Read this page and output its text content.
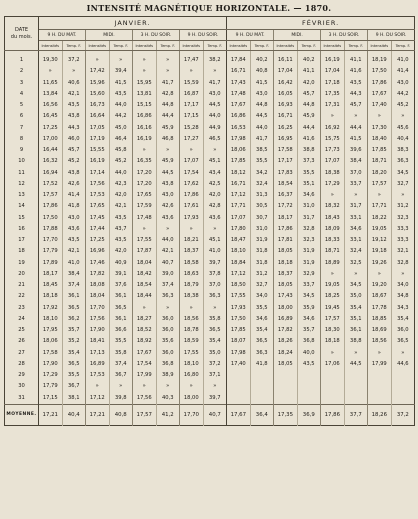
INTENSITÉ MAGNÉTIQUE HORIZONTALE. — 1870.
DATE
du mois.	JANVIER.								FÉVRIER.							
	9 H. DU MAT.		MIDI.		3 H. DU SOIR.		9 H. DU SOIR.		9 H. DU MAT.		MIDI.		3 H. DU SOIR.		9 H. DU SOIR.	
	Intensités	Temp. F.	Intensités	Temp. F.	Intensités	Temp. F.	Intensités	Temp. F.	Intensités	Temp. F.	Intensités	Temp. F.	Intensités	Temp. F.	Intensités	Temp. F.

1	19,30	37,2	»	»	»	»	17,47	38,2	17,84	40,2	16,11	40,2	16,19	41,1	18,19	41,0
2	»	»	17,42	39,4	»	»	»	»	16,71	40,8	17,04	41,1	17,04	41,6	17,50	41,4
3	11,65	40,6	15,96	41,5	15,95	41,7	15,59	41,7	17,43	41,5	16,42	42,0	17,18	43,5	17,86	43,0
4	13,84	42,1	15,60	43,5	13,81	42,8	16,87	43,0	17,48	43,0	16,05	45,7	17,35	44,3	17,67	44,2
5	16,56	43,5	16,73	44,0	15,15	44,8	17,17	44,5	17,67	44,8	16,93	44,8	17,31	45,7	17,40	45,2
6	16,45	43,8	16,64	44,2	16,86	44,4	17,15	44,0	16,86	44,5	16,71	45,9	»	»	»	»
7	17,25	44,3	17,05	45,0	16,16	45,9	15,28	44,9	16,53	44,0	16,25	44,4	16,92	44,4	17,30	45,6
8	17,00	46,0	17,19	46,4	16,19	46,8	17,27	46,5	17,98	41,7	16,95	41,6	15,75	41,5	18,40	40,4
9	16,44	45,7	15,55	45,8	»	»	»	»	18,06	38,5	17,58	38,8	17,73	39,6	17,85	38,3
10	16,32	45,2	16,19	45,2	16,35	45,9	17,07	45,1	17,85	35,5	17,17	37,3	17,07	38,4	18,71	36,3
11	16,94	43,8	17,14	44,0	17,20	44,5	17,54	43,4	18,12	34,2	17,83	35,5	18,38	37,0	18,20	34,5
12	17,52	42,6	17,56	42,3	17,20	43,8	17,62	42,5	16,71	32,4	18,54	35,1	17,29	33,7	17,57	32,7
13	17,57	41,4	17,53	42,0	17,65	43,0	17,86	42,0	17,12	31,3	16,37	34,6	»	»	»	»
14	17,86	41,8	17,65	42,1	17,59	42,6	17,61	42,8	17,71	30,5	17,72	31,0	18,32	31,7	17,71	31,2
15	17,50	43,0	17,45	43,5	17,48	43,6	17,93	43,6	17,07	30,7	18,17	31,7	18,43	33,1	18,22	32,3
16	17,88	43,6	17,44	43,7	»	»	»	»	17,80	31,0	17,86	32,8	18,09	34,6	19,05	33,3
17	17,70	43,5	17,25	43,5	17,55	44,0	18,21	45,1	18,47	31,9	17,81	32,3	18,33	33,1	19,12	33,3
18	17,79	42,1	16,96	42,0	17,87	42,1	18,37	41,0	18,10	31,8	18,05	31,9	18,71	32,4	19,18	32,1
19	17,89	41,0	17,46	40,9	18,04	40,7	18,58	39,7	18,84	31,8	18,18	31,9	18,89	32,5	19,26	32,8
20	18,17	38,4	17,82	39,1	18,42	39,0	18,63	37,8	17,12	31,2	18,37	32,9	»	»	»	»
21	18,45	37,4	18,08	37,6	18,54	37,4	18,79	37,0	18,50	32,7	18,05	33,7	19,05	34,5	19,20	34,0
22	18,18	36,1	18,04	36,1	18,44	36,3	18,38	36,3	17,55	34,0	17,43	34,5	18,25	35,0	18,67	34,8
23	17,92	36,5	17,70	36,5	»	»	»	»	17,93	35,5	18,00	35,9	19,45	35,4	17,78	34,3
24	18,10	36,2	17,56	36,1	18,27	36,0	18,56	35,8	17,50	34,6	16,89	34,6	17,57	35,1	18,85	35,4
25	17,95	35,7	17,90	36,6	18,52	36,0	18,78	36,5	17,85	35,4	17,82	35,7	18,30	36,1	18,69	36,0
26	18,06	35,2	18,41	35,5	18,92	35,6	18,59	35,4	18,07	36,5	18,26	36,8	18,18	38,8	18,56	36,5
27	17,58	35,4	17,13	35,8	17,67	36,0	17,55	35,0	17,98	36,3	18,24	40,0	»	»	»	»
28	17,90	36,5	16,89	37,4	17,54	36,8	18,10	37,2	17,40	41,8	18,05	43,5	17,06	44,5	17,99	44,6
29	17,29	35,5	17,53	36,7	17,99	38,9	16,80	37,1								
30	17,79	36,7	»	»	»	»	»	»								
31	17,15	38,1	17,12	39,8	17,56	40,3	18,00	39,7								
MOYENNE.	17,21	40,4	17,21	40,8	17,57	41,2	17,70	40,7	17,67	36,4	17,35	36,9	17,86	37,7	18,26	37,2
